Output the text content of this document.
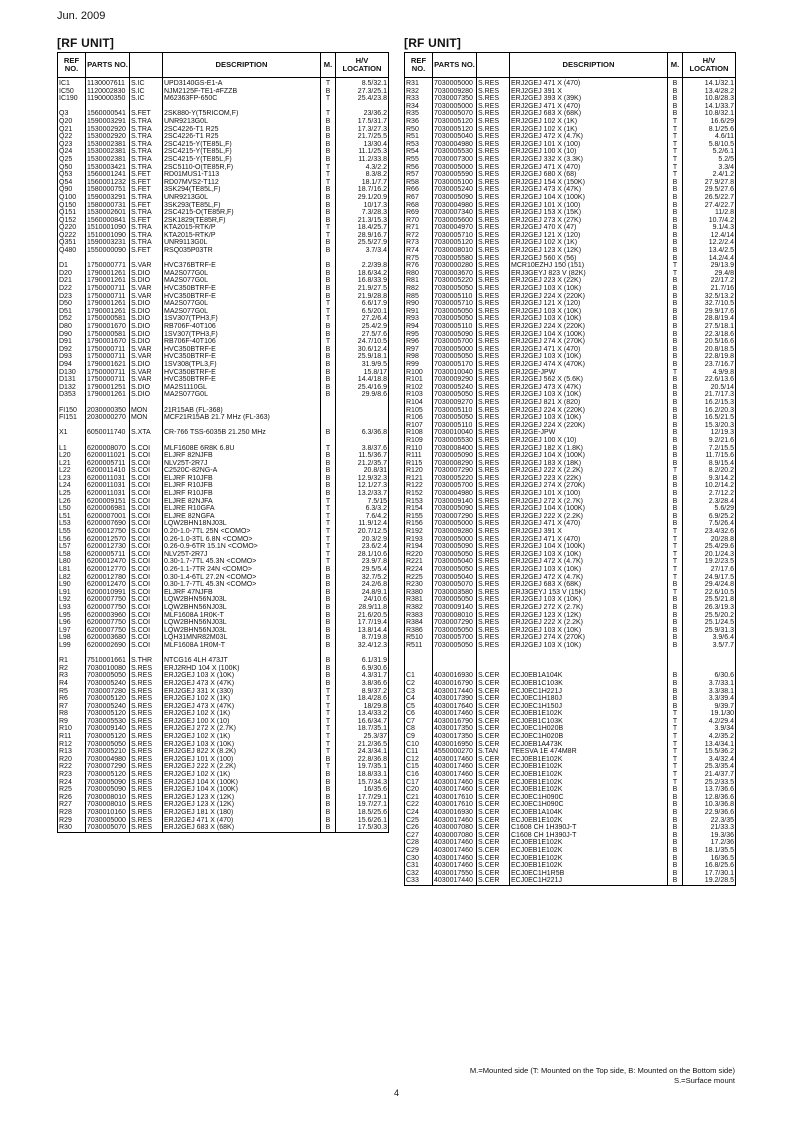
Jun. 2009
[RF UNIT]	[RF UNIT]
REF NO.	PARTS NO.		DESCRIPTION	M.	H/V LOCATION
IC1	1130007611	S.IC	UPD3140GS-E1-A	T	8.5/32.1
IC50	1120002830	S.IC	NJM2125F-TE1-#FZZB	B	27.3/25.1
IC190	1190000350	S.IC	M62363FP-650C	T	25.4/23.8

Q3	1560000541	S.FET	2SK880-Y(T5RICOM,F)	T	23/36.2
Q20	1590003291	S.TRA	UNR9213G0L	B	17.5/31.7
Q21	1530002920	S.TRA	2SC4226-T1 R25	B	17.3/27.3
Q22	1530002920	S.TRA	2SC4226-T1 R25	B	21.7/25.5
Q23	1530002381	S.TRA	2SC4215-Y(TE85L,F)	B	13/30.4
Q24	1530002381	S.TRA	2SC4215-Y(TE85L,F)	B	11.1/25.3
Q25	1530002381	S.TRA	2SC4215-Y(TE85L,F)	B	11.2/33.8
Q50	1530003421	S.TRA	2SC5110-O(TE85R,F)	T	4.3/2.2
Q53	1560001241	S.FET	RD01MUS1-T113	T	8.3/8.2
Q54	1560001232	S.FET	RD07MVS2-T112	T	18.1/7.7
Q90	1580000751	S.FET	3SK294(TE85L,F)	B	18.7/16.2
Q100	1590003291	S.TRA	UNR9213G0L	B	29.1/20.9
Q150	1580000731	S.FET	3SK293(TE85L,F)	B	10/17.3
Q151	1530002601	S.TRA	2SC4215-O(TE85R,F)	B	7.3/28.3
Q152	1560000841	S.FET	2SK1829(TE85R,F)	B	21.3/15.3
Q220	1510001090	S.TRA	KTA2015-RTK/P	T	18.4/25.7
Q222	1510001090	S.TRA	KTA2015-RTK/P	T	28.9/16.7
Q351	1590003231	S.TRA	UNR9113G0L	B	25.5/27.9
Q480	1550000090	S.FET	RSQ035P03TR	B	3.7/3.4

D1	1750000771	S.VAR	HVC376BTRF-E	B	2.2/39.8
D20	1790001261	S.DIO	MA2S077G0L	B	18.6/34.2
D21	1790001261	S.DIO	MA2S077G0L	B	16.8/33.9
D22	1750000711	S.VAR	HVC350BTRF-E	B	21.9/27.5
D23	1750000711	S.VAR	HVC350BTRF-E	B	21.9/28.8
D50	1790001261	S.DIO	MA2S077G0L	T	6.6/17.9
D51	1790001261	S.DIO	MA2S077G0L	T	6.5/20.1
D52	1750000581	S.DIO	1SV307(TPH3,F)	T	27.2/6.4
D80	1790001670	S.DIO	RB706F-40T106	B	25.4/2.9
D90	1750000581	S.DIO	1SV307(TPH3,F)	B	27.5/7.6
D91	1790001670	S.DIO	RB706F-40T106	T	24.7/10.5
D92	1750000711	S.VAR	HVC350BTRF-E	B	30.6/12.4
D93	1750000711	S.VAR	HVC350BTRF-E	B	25.9/18.1
D94	1790001621	S.DIO	1SV308(TPL3,F)	B	31.9/9.5
D130	1750000711	S.VAR	HVC350BTRF-E	B	15.8/17
D131	1750000711	S.VAR	HVC350BTRF-E	B	14.4/18.8
D132	1790001251	S.DIO	MA2S1110GL	B	25.4/16.9
D353	1790001261	S.DIO	MA2S077G0L	B	29.9/8.6

FI150	2030000350	MON	21R15AB (FL-368)		
FI151	2030000270	MON	MCF21R15AB 21.7 MHz (FL-363)		

X1	6050011740	S.XTA	CR-766 TSS-6035B 21.250 MHz	B	6.3/36.8

L1	6200008070	S.COI	MLF1608E 6R8K 6.8U	T	3.8/37.6
L20	6200011021	S.COI	ELJRF 82NJFB	B	11.5/36.7
L21	6200005711	S.COI	NLV25T-2R7J	B	21.2/35.7
L22	6200011410	S.COI	C2520C-82NG-A	B	20.8/31
L23	6200011031	S.COI	ELJRF R10JFB	B	12.9/32.3
L24	6200011031	S.COI	ELJRF R10JFB	B	12.1/27.3
L25	6200011031	S.COI	ELJRF R10JFB	B	13.2/33.7
L26	6200009151	S.COI	ELJRE 82NJFA	T	7.5/15
L50	6200006981	S.COI	ELJRE R10GFA	T	6.3/3.2
L51	6200007001	S.COI	ELJRE 82NGFA	T	7.6/4.2
L53	6200007690	S.COI	LQW2BHN18NJ03L	T	11.9/12.4
L55	6200012750	S.COI	0.20-1.0-7TL 25N <COMO>	T	20.7/12.5
L56	6200012570	S.COI	0.26-1.0-3TL 6.8N <COMO>	T	20.3/2.9
L57	6200012730	S.COI	0.26-0.9-6TR 15.1N <COMO>	T	23.6/2.4
L58	6200005711	S.COI	NLV25T-2R7J	T	28.1/10.6
L80	6200012470	S.COI	0.30-1.7-7TL 45.3N <COMO>	T	23.9/7.8
L81	6200012770	S.COI	0.26-1.1-7TR 24N <COMO>	B	29.5/5.4
L82	6200012780	S.COI	0.30-1.4-6TL 27.2N <COMO>	B	32.7/5.2
L90	6200012470	S.COI	0.30-1.7-7TL 45.3N <COMO>	B	24.2/6.8
L91	6200010991	S.COI	ELJRF 47NJFB	B	24.8/9.1
L92	6200007750	S.COI	LQW2BHN56NJ03L	B	24/10.6
L93	6200007750	S.COI	LQW2BHN56NJ03L	B	28.9/11.8
L95	6200003960	S.COI	MLF1608A 1R0K-T	B	21.6/20.5
L96	6200007750	S.COI	LQW2BHN56NJ03L	B	17.7/19.4
L97	6200007750	S.COI	LQW2BHN56NJ03L	B	13.8/14.4
L98	6200003680	S.COI	LQH31MNR82M03L	B	8.7/19.8
L99	6200002690	S.COI	MLF1608A 1R0M-T	B	32.4/12.3

R1	7510001661	S.THR	NTCG16 4LH 473JT	B	6.1/31.9
R2	7030010080	S.RES	ERJ2RHD 104 X (100K)	B	6.9/30.6
R3	7030005050	S.RES	ERJ2GEJ 103 X (10K)	B	4.3/31.7
R4	7030005240	S.RES	ERJ2GEJ 473 X (47K)	B	3.8/36.6
R5	7030007280	S.RES	ERJ2GEJ 331 X (330)	T	8.9/37.2
R6	7030005120	S.RES	ERJ2GEJ 102 X (1K)	T	18.4/28.6
R7	7030005240	S.RES	ERJ2GEJ 473 X (47K)	T	18/29.8
R8	7030005120	S.RES	ERJ2GEJ 102 X (1K)	T	13.4/33.2
R9	7030005530	S.RES	ERJ2GEJ 100 X (10)	T	16.6/34.7
R10	7030009140	S.RES	ERJ2GEJ 272 X (2.7K)	T	18.7/35.1
R11	7030005120	S.RES	ERJ2GEJ 102 X (1K)	T	25.3/37
R12	7030005050	S.RES	ERJ2GEJ 103 X (10K)	T	21.2/36.5
R13	7030005210	S.RES	ERJ2GEJ 822 X (8.2K)	T	24.3/34.1
R20	7030004980	S.RES	ERJ2GEJ 101 X (100)	B	22.8/36.8
R22	7030007290	S.RES	ERJ2GEJ 222 X (2.2K)	T	19.7/35.1
R23	7030005120	S.RES	ERJ2GEJ 102 X (1K)	B	18.8/33.1
R24	7030005090	S.RES	ERJ2GEJ 104 X (100K)	B	15.7/34.3
R25	7030005090	S.RES	ERJ2GEJ 104 X (100K)	B	16/35.6
R26	7030008010	S.RES	ERJ2GEJ 123 X (12K)	B	17.7/29.1
R27	7030008010	S.RES	ERJ2GEJ 123 X (12K)	B	19.7/27.1
R28	7030010160	S.RES	ERJ2GEJ 181 X (180)	B	18.5/25.6
R29	7030005000	S.RES	ERJ2GEJ 471 X (470)	B	15.6/26.1
R30	7030005070	S.RES	ERJ2GEJ 683 X (68K)	B	17.5/30.3
REF NO.	PARTS NO.		DESCRIPTION	M.	H/V LOCATION
R31	7030005000	S.RES	ERJ2GEJ 471 X (470)	B	14.1/32.1
R32	7030009280	S.RES	ERJ2GEJ 391 X	B	13.4/28.2
R33	7030007350	S.RES	ERJ2GEJ 393 X (39K)	B	10.8/28.3
R34	7030005000	S.RES	ERJ2GEJ 471 X (470)	B	14.1/33.7
R35	7030005070	S.RES	ERJ2GEJ 683 X (68K)	B	10.8/32.1
R36	7030005120	S.RES	ERJ2GEJ 102 X (1K)	T	16.6/29
R50	7030005120	S.RES	ERJ2GEJ 102 X (1K)	T	8.1/25.6
R51	7030005040	S.RES	ERJ2GEJ 472 X (4.7K)	T	4.6/11
R53	7030004980	S.RES	ERJ2GEJ 101 X (100)	T	5.8/10.5
R54	7030005530	S.RES	ERJ2GEJ 100 X (10)	T	5.2/6.1
R55	7030007300	S.RES	ERJ2GEJ 332 X (3.3K)	T	5.2/5
R56	7030005000	S.RES	ERJ2GEJ 471 X (470)	T	3.3/4
R57	7030005590	S.RES	ERJ2GEJ 680 X (68)	T	2.4/1.2
R58	7030005100	S.RES	ERJ2GEJ 154 X (150K)	B	27.9/27.8
R66	7030005240	S.RES	ERJ2GEJ 473 X (47K)	B	29.5/27.6
R67	7030005090	S.RES	ERJ2GEJ 104 X (100K)	B	26.5/22.7
R68	7030004980	S.RES	ERJ2GEJ 101 X (100)	B	27.4/22.7
R69	7030007340	S.RES	ERJ2GEJ 153 X (15K)	B	11/2.8
R70	7030005600	S.RES	ERJ2GEJ 273 X (27K)	B	10.7/4.2
R71	7030004970	S.RES	ERJ2GEJ 470 X (47)	B	9.1/4.3
R72	7030005710	S.RES	ERJ2GEJ 121 X (120)	B	12.4/14
R73	7030005120	S.RES	ERJ2GEJ 102 X (1K)	B	12.2/2.4
R74	7030008010	S.RES	ERJ2GEJ 123 X (12K)	B	13.4/2.5
R75	7030005580	S.RES	ERJ2GEJ 560 X (56)	B	14.2/4.4
R76	7030000280	S.RES	MCR10EZHJ 150 (151)	T	29/13.9
R80	7030003670	S.RES	ERJ3GEYJ 823 V (82K)	T	29.4/8
R81	7030005220	S.RES	ERJ2GEJ 223 X (22K)	B	22/17.2
R82	7030005050	S.RES	ERJ2GEJ 103 X (10K)	B	21.7/16
R85	7030005110	S.RES	ERJ2GEJ 224 X (220K)	B	32.5/13.2
R90	7030005710	S.RES	ERJ2GEJ 121 X (120)	B	32.7/10.5
R91	7030005050	S.RES	ERJ2GEJ 103 X (10K)	B	29.9/17.6
R93	7030005050	S.RES	ERJ2GEJ 103 X (10K)	B	28.8/19.4
R94	7030005110	S.RES	ERJ2GEJ 224 X (220K)	B	27.5/18.1
R95	7030005090	S.RES	ERJ2GEJ 104 X (100K)	B	22.3/18.6
R96	7030005700	S.RES	ERJ2GEJ 274 X (270K)	B	20.5/16.6
R97	7030005000	S.RES	ERJ2GEJ 471 X (470)	B	20.8/18.5
R98	7030005050	S.RES	ERJ2GEJ 103 X (10K)	B	22.8/19.8
R99	7030005170	S.RES	ERJ2GEJ 474 X (470K)	B	23.7/16.7
R100	7030010040	S.RES	ERJ2GE-JPW	T	4.9/9.8
R101	7030009290	S.RES	ERJ2GEJ 562 X (5.6K)	B	22.6/13.6
R102	7030005240	S.RES	ERJ2GEJ 473 X (47K)	B	20.5/14
R103	7030005050	S.RES	ERJ2GEJ 103 X (10K)	B	21.7/17.3
R104	7030009270	S.RES	ERJ2GEJ 821 X (820)	B	16.2/15.3
R105	7030005110	S.RES	ERJ2GEJ 224 X (220K)	B	16.2/20.3
R106	7030005050	S.RES	ERJ2GEJ 103 X (10K)	B	16.5/21.5
R107	7030005110	S.RES	ERJ2GEJ 224 X (220K)	B	15.3/20.3
R108	7030010040	S.RES	ERJ2GE-JPW	B	12/19.3
R109	7030005530	S.RES	ERJ2GEJ 100 X (10)	B	9.2/21.6
R110	7030008400	S.RES	ERJ2GEJ 182 X (1.8K)	B	7.2/15.5
R111	7030005090	S.RES	ERJ2GEJ 104 X (100K)	B	11.7/15.6
R115	7030008290	S.RES	ERJ2GEJ 183 X (18K)	B	8.9/15.4
R120	7030007290	S.RES	ERJ2GEJ 222 X (2.2K)	T	8.2/20.2
R121	7030005220	S.RES	ERJ2GEJ 223 X (22K)	B	9.3/14.2
R122	7030005700	S.RES	ERJ2GEJ 274 X (270K)	B	10.2/14.2
R152	7030004980	S.RES	ERJ2GEJ 101 X (100)	B	2.7/12.2
R153	7030009140	S.RES	ERJ2GEJ 272 X (2.7K)	B	2.3/28.4
R154	7030005090	S.RES	ERJ2GEJ 104 X (100K)	B	5.6/29
R155	7030007290	S.RES	ERJ2GEJ 222 X (2.2K)	B	6.9/25.2
R156	7030005000	S.RES	ERJ2GEJ 471 X (470)	B	7.5/26.4
R192	7030009280	S.RES	ERJ2GEJ 391 X	T	23.4/32.6
R193	7030005000	S.RES	ERJ2GEJ 471 X (470)	T	20/28.8
R194	7030005090	S.RES	ERJ2GEJ 104 X (100K)	T	25.4/29.6
R220	7030005050	S.RES	ERJ2GEJ 103 X (10K)	T	20.1/24.3
R221	7030005040	S.RES	ERJ2GEJ 472 X (4.7K)	T	19.2/23.5
R224	7030005050	S.RES	ERJ2GEJ 103 X (10K)	T	27/17.6
R225	7030005040	S.RES	ERJ2GEJ 472 X (4.7K)	T	24.9/17.5
R230	7030005070	S.RES	ERJ2GEJ 683 X (68K)	B	29.4/24.8
R380	7030003580	S.RES	ERJ3GEYJ 153 V (15K)	T	22.6/10.5
R381	7030005050	S.RES	ERJ2GEJ 103 X (10K)	B	25.5/21.8
R382	7030009140	S.RES	ERJ2GEJ 272 X (2.7K)	B	26.3/19.3
R383	7030008010	S.RES	ERJ2GEJ 123 X (12K)	B	25.5/20.2
R384	7030007290	S.RES	ERJ2GEJ 222 X (2.2K)	B	25.1/24.5
R386	7030005050	S.RES	ERJ2GEJ 103 X (10K)	B	25.9/31.3
R510	7030005700	S.RES	ERJ2GEJ 274 X (270K)	B	3.9/6.4
R511	7030005050	S.RES	ERJ2GEJ 103 X (10K)	B	3.5/7.7

C1	4030016930	S.CER	ECJ0EB1A104K	B	6/30.6
C2	4030016790	S.CER	ECJ0EB1C103K	B	3.7/33.1
C3	4030017440	S.CER	ECJ0EC1H221J	B	3.3/38.1
C4	4030017390	S.CER	ECJ0EC1H180J	B	3.3/39.4
C5	4030017640	S.CER	ECJ0EC1H150J	B	9/39.7
C6	4030017460	S.CER	ECJ0EB1E102K	T	19.1/30
C7	4030016790	S.CER	ECJ0EB1C103K	T	4.2/29.4
C8	4030017350	S.CER	ECJ0EC1H020B	T	3.9/34
C9	4030017350	S.CER	ECJ0EC1H020B	T	4.2/35.2
C10	4030016950	S.CER	ECJ0EB1A473K	T	13.4/34.1
C11	4550000270	S.TAN	TEESVA 1E 474M8R	T	15.5/36.2
C12	4030017460	S.CER	ECJ0EB1E102K	T	3.4/32.4
C15	4030017460	S.CER	ECJ0EB1E102K	T	25.3/35.4
C16	4030017460	S.CER	ECJ0EB1E102K	T	21.4/37.7
C17	4030017460	S.CER	ECJ0EB1E102K	T	25.2/33.5
C20	4030017460	S.CER	ECJ0EB1E102K	B	13.7/36.6
C21	4030017610	S.CER	ECJ0EC1H090C	B	12.8/36.6
C22	4030017610	S.CER	ECJ0EC1H090C	B	10.3/36.8
C24	4030016930	S.CER	ECJ0EB1A104K	B	22.9/36.6
C25	4030017460	S.CER	ECJ0EB1E102K	B	22.3/35
C26	4030007080	S.CER	C1608 CH 1H390J-T	B	21/33.3
C27	4030007080	S.CER	C1608 CH 1H390J-T	B	19.3/36
C28	4030017460	S.CER	ECJ0EB1E102K	B	17.2/36
C29	4030017460	S.CER	ECJ0EB1E102K	B	18.1/35.5
C30	4030017460	S.CER	ECJ0EB1E102K	B	16/36.5
C31	4030017460	S.CER	ECJ0EB1E102K	B	16.8/25.6
C32	4030017550	S.CER	ECJ0EC1H1R5B	B	17.7/30.1
C33	4030017440	S.CER	ECJ0EC1H221J	B	19.2/28.5
M.=Mounted side (T: Mounted on the Top side, B: Mounted on the Bottom side)
S.=Surface mount
4
